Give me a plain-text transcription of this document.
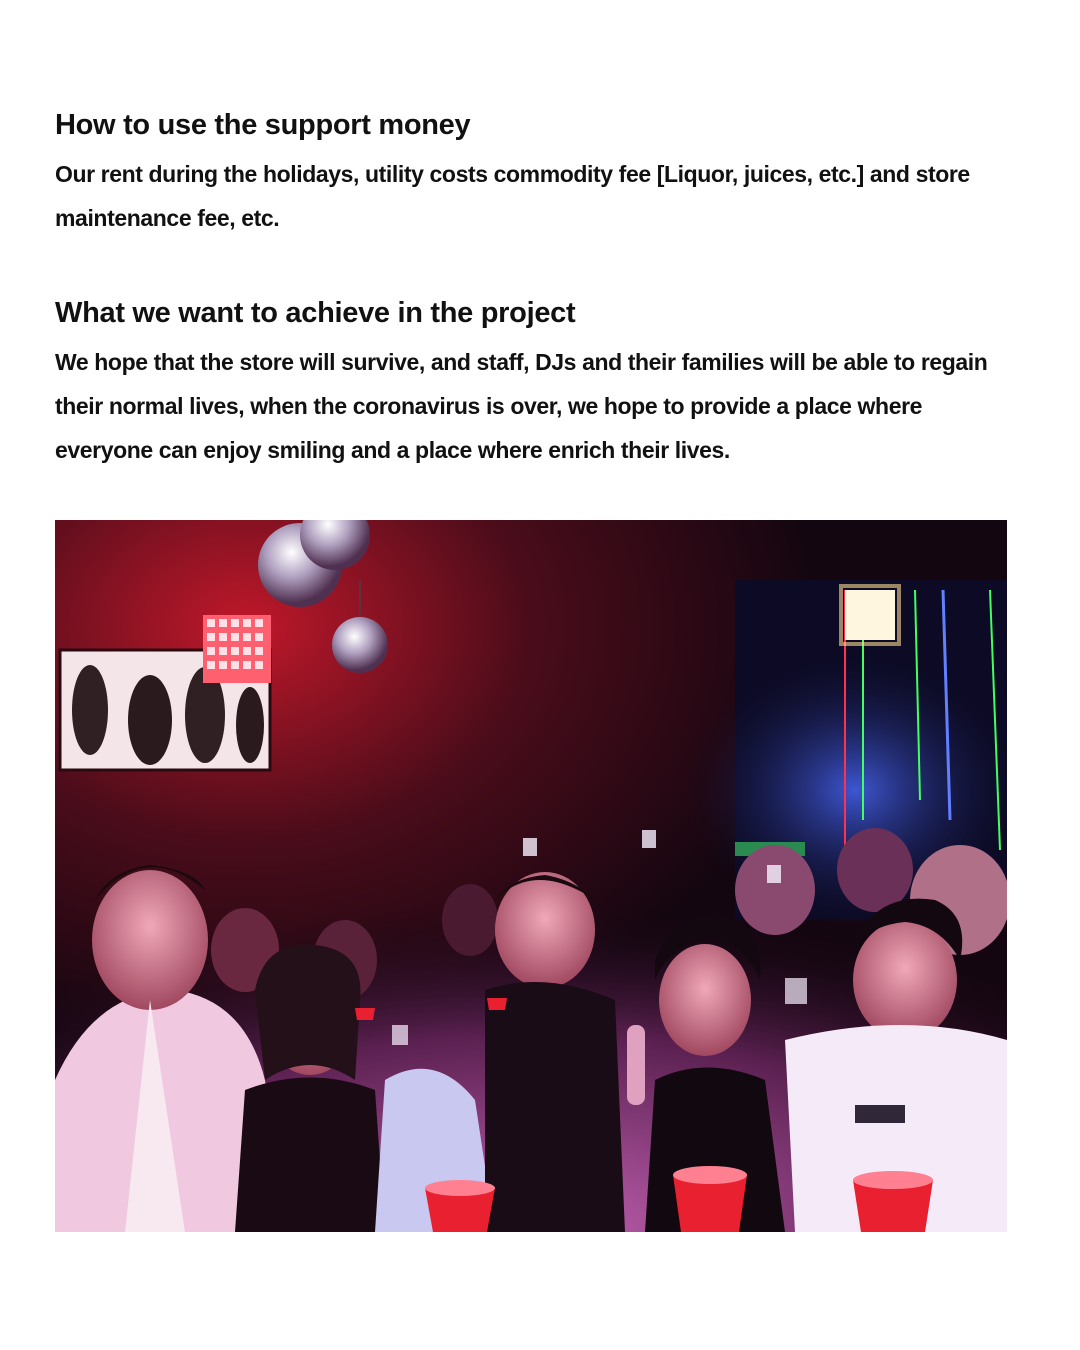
How to use the support money

Our rent during the holidays, utility costs commodity fee [Liquor, juices, etc.] and store maintenance fee, etc.

What we want to achieve in the project

We hope that the store will survive, and staff, DJs and their families will be able to regain their normal lives, when the coronavirus is over, we hope to provide a place where everyone can enjoy smiling and a place where enrich their lives.
